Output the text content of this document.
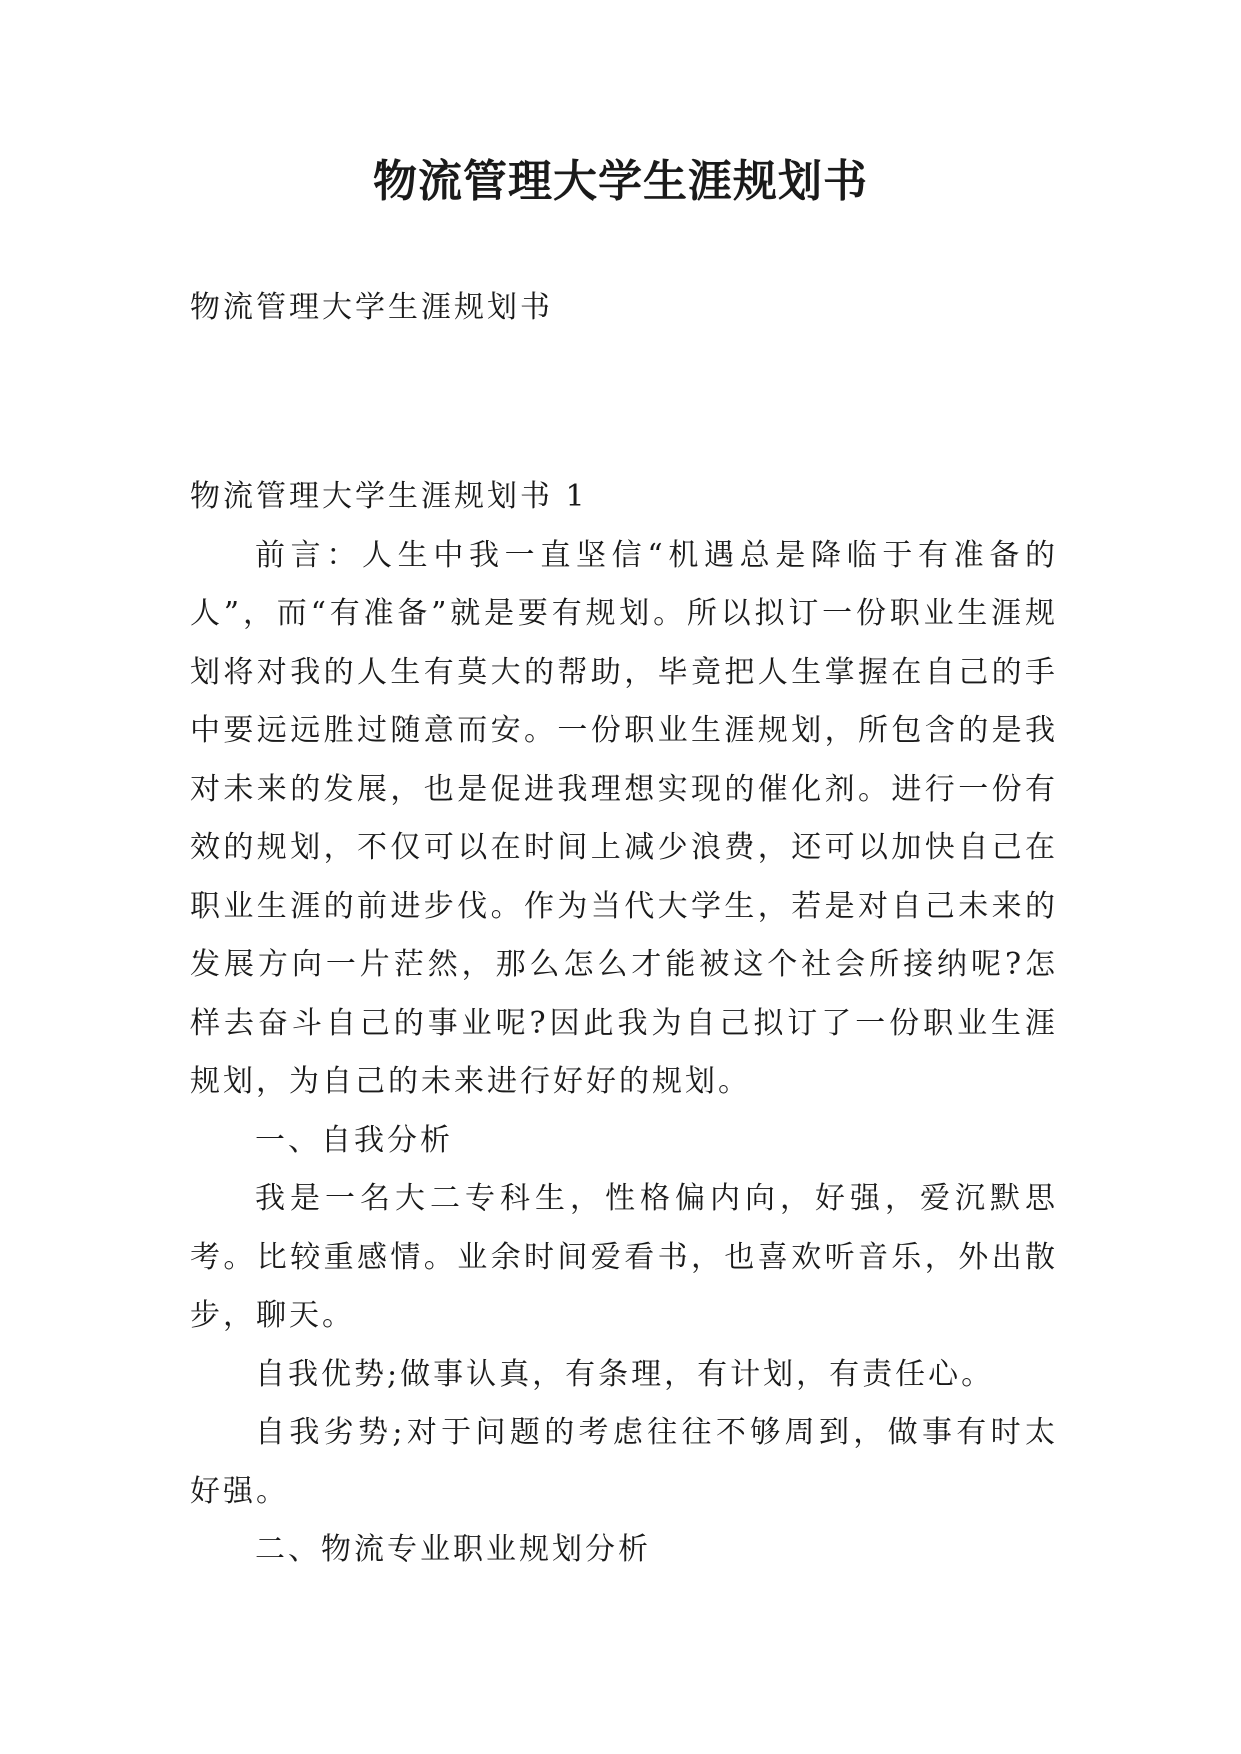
物流管理大学生涯规划书

物流管理大学生涯规划书

物流管理大学生涯规划书 1

前言：人生中我一直坚信“机遇总是降临于有准备的人”，而“有准备”就是要有规划。所以拟订一份职业生涯规划将对我的人生有莫大的帮助，毕竟把人生掌握在自己的手中要远远胜过随意而安。一份职业生涯规划，所包含的是我对未来的发展，也是促进我理想实现的催化剂。进行一份有效的规划，不仅可以在时间上减少浪费，还可以加快自己在职业生涯的前进步伐。作为当代大学生，若是对自己未来的发展方向一片茫然，那么怎么才能被这个社会所接纳呢?怎样去奋斗自己的事业呢?因此我为自己拟订了一份职业生涯规划，为自己的未来进行好好的规划。

一、自我分析

我是一名大二专科生，性格偏内向，好强，爱沉默思考。比较重感情。业余时间爱看书，也喜欢听音乐，外出散步，聊天。

自我优势;做事认真，有条理，有计划，有责任心。

自我劣势;对于问题的考虑往往不够周到，做事有时太好强。

二、物流专业职业规划分析
